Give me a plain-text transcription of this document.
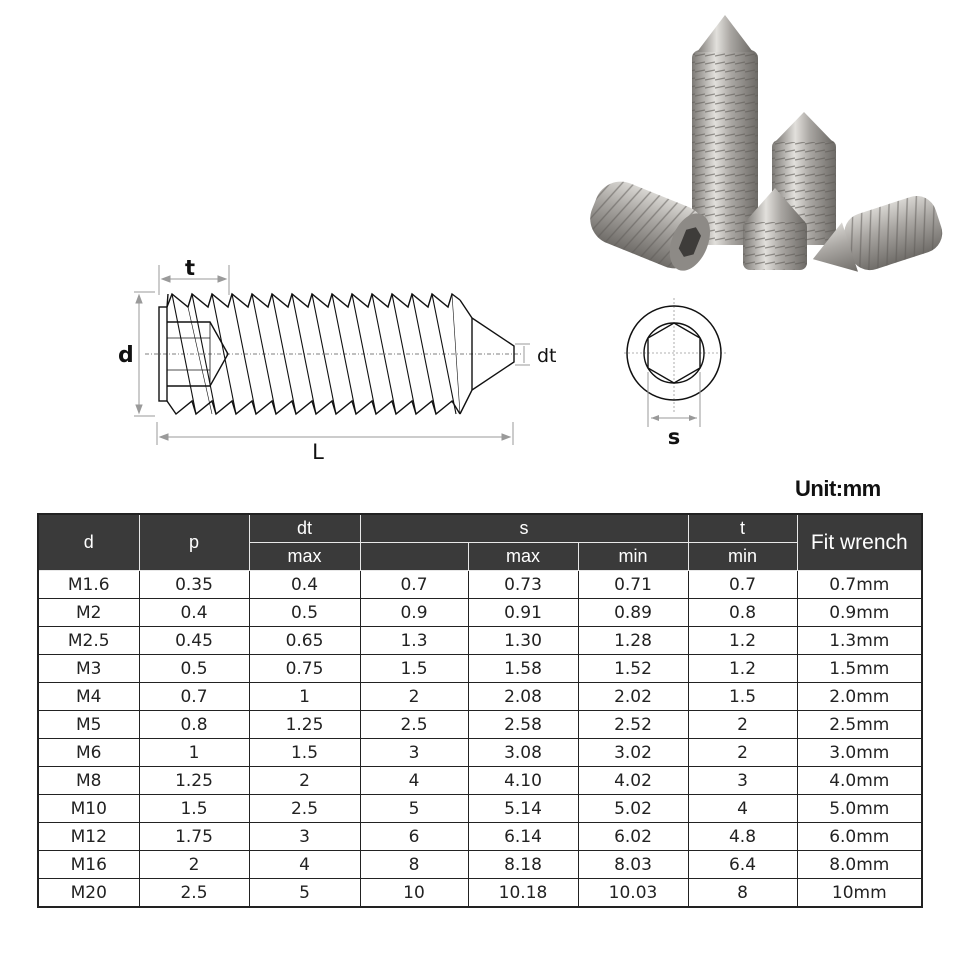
t
d	dt
L
s
Unit:mm
d	p	dt	s			t	Fit wrench
		max		max	min	min	
M1.6	0.35	0.4	0.7	0.73	0.71	0.7	0.7mm
M2	0.4	0.5	0.9	0.91	0.89	0.8	0.9mm
M2.5	0.45	0.65	1.3	1.30	1.28	1.2	1.3mm
M3	0.5	0.75	1.5	1.58	1.52	1.2	1.5mm
M4	0.7	1	2	2.08	2.02	1.5	2.0mm
M5	0.8	1.25	2.5	2.58	2.52	2	2.5mm
M6	1	1.5	3	3.08	3.02	2	3.0mm
M8	1.25	2	4	4.10	4.02	3	4.0mm
M10	1.5	2.5	5	5.14	5.02	4	5.0mm
M12	1.75	3	6	6.14	6.02	4.8	6.0mm
M16	2	4	8	8.18	8.03	6.4	8.0mm
M20	2.5	5	10	10.18	10.03	8	10mm
